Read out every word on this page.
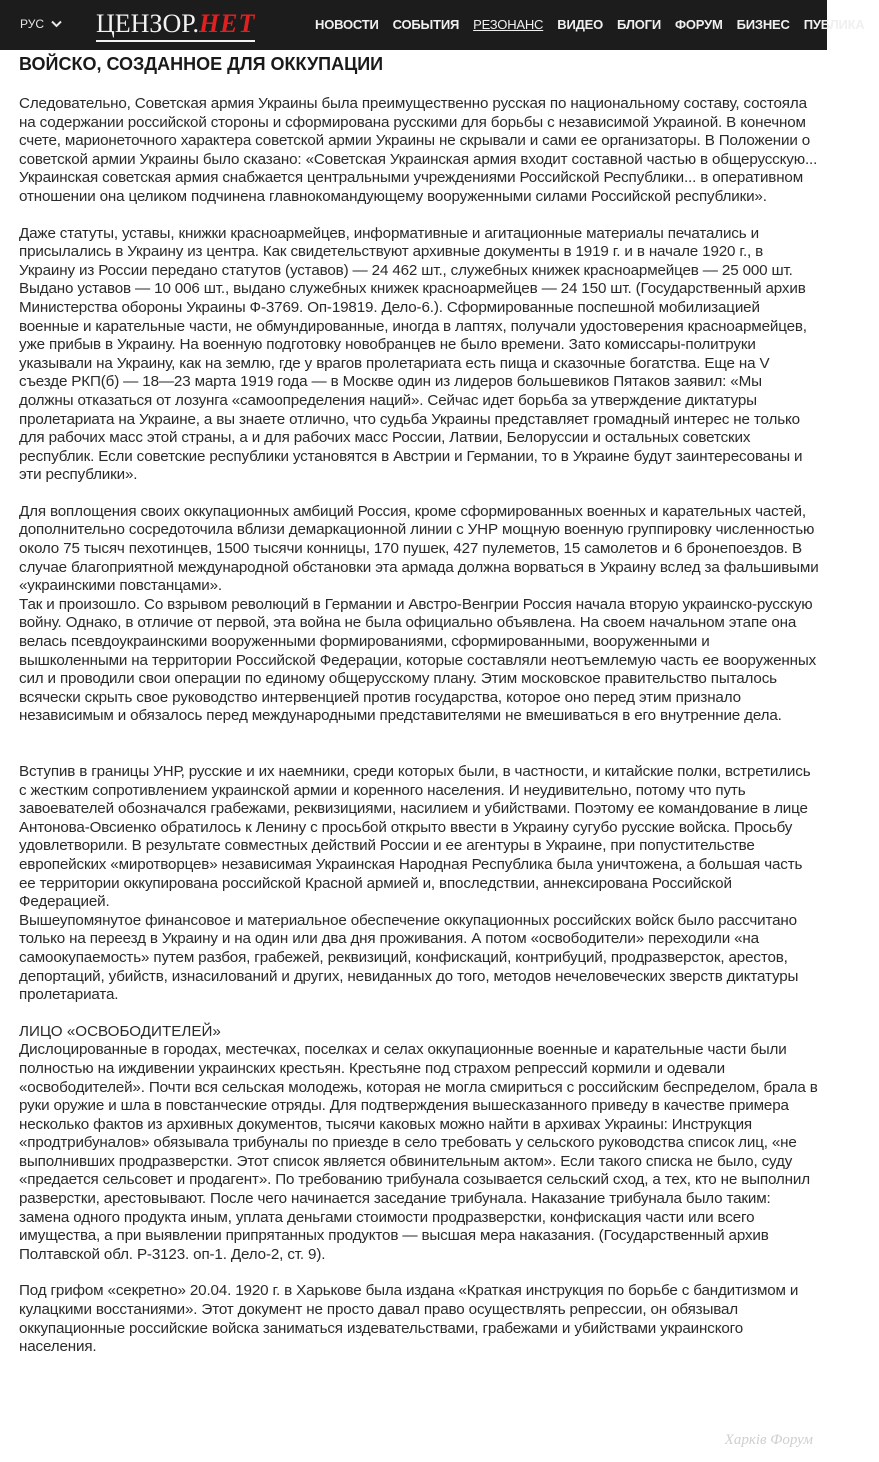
РУС ЦЕНЗОР.НЕТ	НОВОСТИ СОБЫТИЯ РЕЗОНАНС ВИДЕО БЛОГИ ФОРУМ БИЗНЕС ПУБЛИКА
ВОЙСКО, СОЗДАННОЕ ДЛЯ ОККУПАЦИИ

Следовательно, Советская армия Украины была преимущественно русская по национальному составу, состояла на содержании российской стороны и сформирована русскими для борьбы с независимой Украиной. В конечном счете, марионеточного характера советской армии Украины не скрывали и сами ее организаторы. В Положении о советской армии Украины было сказано: «Советская Украинская армия входит составной частью в общерусскую... Украинская советская армия снабжается центральными учреждениями Российской Республики... в оперативном отношении она целиком подчинена главнокомандующему вооруженными силами Российской республики».

Даже статуты, уставы, книжки красноармейцев, информативные и агитационные материалы печатались и присылались в Украину из центра. Как свидетельствуют архивные документы в 1919 г. и в начале 1920 г., в Украину из России передано статутов (уставов) — 24 462 шт., служебных книжек красноармейцев — 25 000 шт. Выдано уставов — 10 006 шт., выдано служебных книжек красноармейцев — 24 150 шт. (Государственный архив Министерства обороны Украины Ф-3769. Оп-19819. Дело-6.). Сформированные поспешной мобилизацией военные и карательные части, не обмундированные, иногда в лаптях, получали удостоверения красноармейцев, уже прибыв в Украину. На военную подготовку новобранцев не было времени. Зато комиссары-политруки указывали на Украину, как на землю, где у врагов пролетариата есть пища и сказочные богатства. Еще на V съезде РКП(б) — 18—23 марта 1919 года — в Москве один из лидеров большевиков Пятаков заявил: «Мы должны отказаться от лозунга «самоопределения наций». Сейчас идет борьба за утверждение диктатуры пролетариата на Украине, а вы знаете отлично, что судьба Украины представляет громадный интерес не только для рабочих масс этой страны, а и для рабочих масс России, Латвии, Белоруссии и остальных советских республик. Если советские республики установятся в Австрии и Германии, то в Украине будут заинтересованы и эти республики».

Для воплощения своих оккупационных амбиций Россия, кроме сформированных военных и карательных частей, дополнительно сосредоточила вблизи демаркационной линии с УНР мощную военную группировку численностью около 75 тысяч пехотинцев, 1500 тысячи конницы, 170 пушек, 427 пулеметов, 15 самолетов и 6 бронепоездов. В случае благоприятной международной обстановки эта армада должна ворваться в Украину вслед за фальшивыми «украинскими повстанцами».

Так и произошло. Со взрывом революций в Германии и Австро-Венгрии Россия начала вторую украинско-русскую войну. Однако, в отличие от первой, эта война не была официально объявлена. На своем начальном этапе она велась псевдоукраинскими вооруженными формированиями, сформированными, вооруженными и вышколенными на территории Российской Федерации, которые составляли неотъемлемую часть ее вооруженных сил и проводили свои операции по единому общерусскому плану. Этим московское правительство пыталось всячески скрыть свое руководство интервенцией против государства, которое оно перед этим признало независимым и обязалось перед международными представителями не вмешиваться в его внутренние дела.

Вступив в границы УНР, русские и их наемники, среди которых были, в частности, и китайские полки, встретились с жестким сопротивлением украинской армии и коренного населения. И неудивительно, потому что путь завоевателей обозначался грабежами, реквизициями, насилием и убийствами. Поэтому ее командование в лице Антонова-Овсиенко обратилось к Ленину с просьбой открыто ввести в Украину сугубо русские войска. Просьбу удовлетворили. В результате совместных действий России и ее агентуры в Украине, при попустительстве европейских «миротворцев» независимая Украинская Народная Республика была уничтожена, а большая часть ее территории оккупирована российской Красной армией и, впоследствии, аннексирована Российской Федерацией.

Вышеупомянутое финансовое и материальное обеспечение оккупационных российских войск было рассчитано только на переезд в Украину и на один или два дня проживания. А потом «освободители» переходили «на самоокупаемость» путем разбоя, грабежей, реквизиций, конфискаций, контрибуций, продразверсток, арестов, депортаций, убийств, изнасилований и других, невиданных до того, методов нечеловеческих зверств диктатуры пролетариата.

ЛИЦО «ОСВОБОДИТЕЛЕЙ»

Дислоцированные в городах, местечках, поселках и селах оккупационные военные и карательные части были полностью на иждивении украинских крестьян. Крестьяне под страхом репрессий кормили и одевали «освободителей». Почти вся сельская молодежь, которая не могла смириться с российским беспределом, брала в руки оружие и шла в повстанческие отряды. Для подтверждения вышесказанного приведу в качестве примера несколько фактов из архивных документов, тысячи каковых можно найти в архивах Украины: Инструкция «продтрибуналов» обязывала трибуналы по приезде в село требовать у сельского руководства список лиц, «не выполнивших продразверстки. Этот список является обвинительным актом». Если такого списка не было, суду «предается сельсовет и продагент». По требованию трибунала созывается сельский сход, а тех, кто не выполнил разверстки, арестовывают. После чего начинается заседание трибунала. Наказание трибунала было таким: замена одного продукта иным, уплата деньгами стоимости продразверстки, конфискация части или всего имущества, а при выявлении припрятанных продуктов — высшая мера наказания. (Государственный архив Полтавской обл. Р-3123. оп-1. Дело-2, ст. 9).

Под грифом «секретно» 20.04. 1920 г. в Харькове была издана «Краткая инструкция по борьбе с бандитизмом и кулацкими восстаниями». Этот документ не просто давал право осуществлять репрессии, он обязывал оккупационные российские войска заниматься издевательствами, грабежами и убийствами украинского населения.

Харків Форум
